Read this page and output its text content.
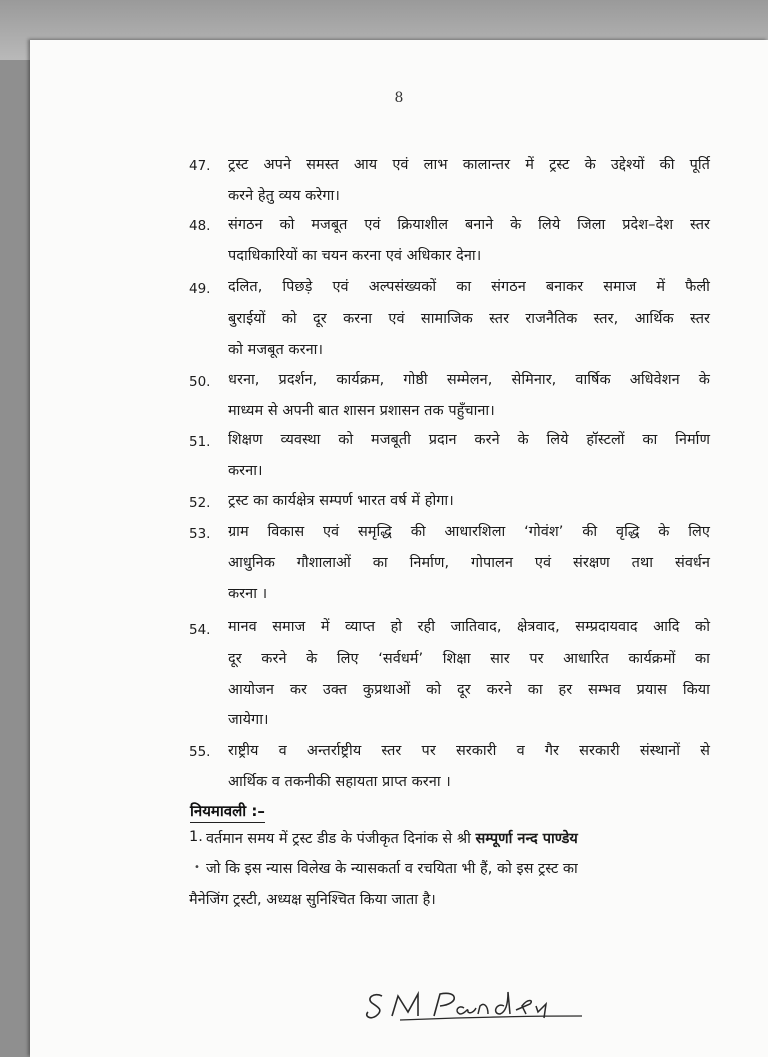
8
47. ट्रस्ट अपने समस्त आय एवं लाभ कालान्तर में ट्रस्ट के उद्देश्यों की पूर्ति
करने हेतु व्यय करेगा।
48. संगठन को मजबूत एवं क्रियाशील बनाने के लिये जिला प्रदेश–देश स्तर
पदाधिकारियों का चयन करना एवं अधिकार देना।
49. दलित, पिछड़े एवं अल्पसंख्यकों का संगठन बनाकर समाज में फैली
बुराईयों को दूर करना एवं सामाजिक स्तर राजनैतिक स्तर, आर्थिक स्तर
को मजबूत करना।
50. धरना, प्रदर्शन, कार्यक्रम, गोष्ठी सम्मेलन, सेमिनार, वार्षिक अधिवेशन के
माध्यम से अपनी बात शासन प्रशासन तक पहुँचाना।
51. शिक्षण व्यवस्था को मजबूती प्रदान करने के लिये हॉस्टलों का निर्माण
करना।
52. ट्रस्ट का कार्यक्षेत्र सम्पर्ण भारत वर्ष में होगा।
53. ग्राम विकास एवं समृद्धि की आधारशिला ‘गोवंश’ की वृद्धि के लिए
आधुनिक गौशालाओं का निर्माण, गोपालन एवं संरक्षण तथा संवर्धन
करना ।
54. मानव समाज में व्याप्त हो रही जातिवाद, क्षेत्रवाद, सम्प्रदायवाद आदि को
दूर करने के लिए ‘सर्वधर्म’ शिक्षा सार पर आधारित कार्यक्रमों का
आयोजन कर उक्त कुप्रथाओं को दूर करने का हर सम्भव प्रयास किया
जायेगा।
55. राष्ट्रीय व अन्तर्राष्ट्रीय स्तर पर सरकारी व गैर सरकारी संस्थानों से
आर्थिक व तकनीकी सहायता प्राप्त करना ।
नियमावली :–
1. वर्तमान समय में ट्रस्ट डीड के पंजीकृत दिनांक से श्री सम्पूर्णा नन्द पाण्डेय
• जो कि इस न्यास विलेख के न्यासकर्ता व रचयिता भी हैं, को इस ट्रस्ट का
मैनेजिंग ट्रस्टी, अध्यक्ष सुनिश्चित किया जाता है।
